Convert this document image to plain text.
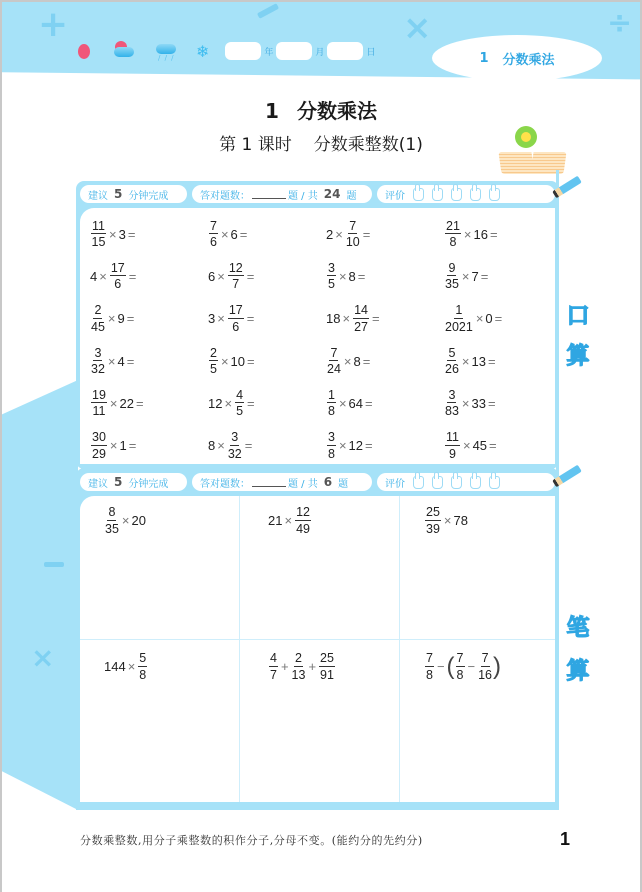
+	×	÷
/ / / ❄	年	月	日	1 分数乘法
1 分数乘法
第 1 课时 分数乘整数(1)
×
建议 5 分钟完成	答对题数：	题 / 共 24 题	评价
$\frac{11}{15} \times 3$ =	$\frac{7}{6} \times 6$ =	$2 \times \frac{7}{10}$ =	$\frac{21}{8} \times 16$ =
$4 \times \frac{17}{6}$ =	$6 \times \frac{12}{7}$ =	$\frac{3}{5} \times 8$ =	$\frac{9}{35} \times 7$ =
$\frac{2}{45} \times 9$ =	$3 \times \frac{17}{6}$ =	$18 \times \frac{14}{27}$ =	$\frac{1}{2021} \times 0$ =
$\frac{3}{32} \times 4$ =	$\frac{2}{5} \times 10$ =	$\frac{7}{24} \times 8$ =	$\frac{5}{26} \times 13$ =
$\frac{19}{11} \times 22$ =	$12 \times \frac{4}{5}$ =	$\frac{1}{8} \times 64$ =	$\frac{3}{83} \times 33$ =
$\frac{30}{29} \times 1$ =	$8 \times \frac{3}{32}$ =	$\frac{3}{8} \times 12$ =	$\frac{11}{9} \times 45$ =
口
算
建议 5 分钟完成	答对题数：	题 / 共 6 题	评价
$\frac{8}{35} \times 20$	$21 \times \frac{12}{49}$	$\frac{25}{39} \times 78$
$144 \times \frac{5}{8}$	$\frac{4}{7} + \frac{2}{13} + \frac{25}{91}$	$\frac{7}{8}$ − ( $\frac{7}{8} - \frac{7}{16}$ )
笔
算
分数乘整数,用分子乘整数的积作分子,分母不变。(能约分的先约分)	1
